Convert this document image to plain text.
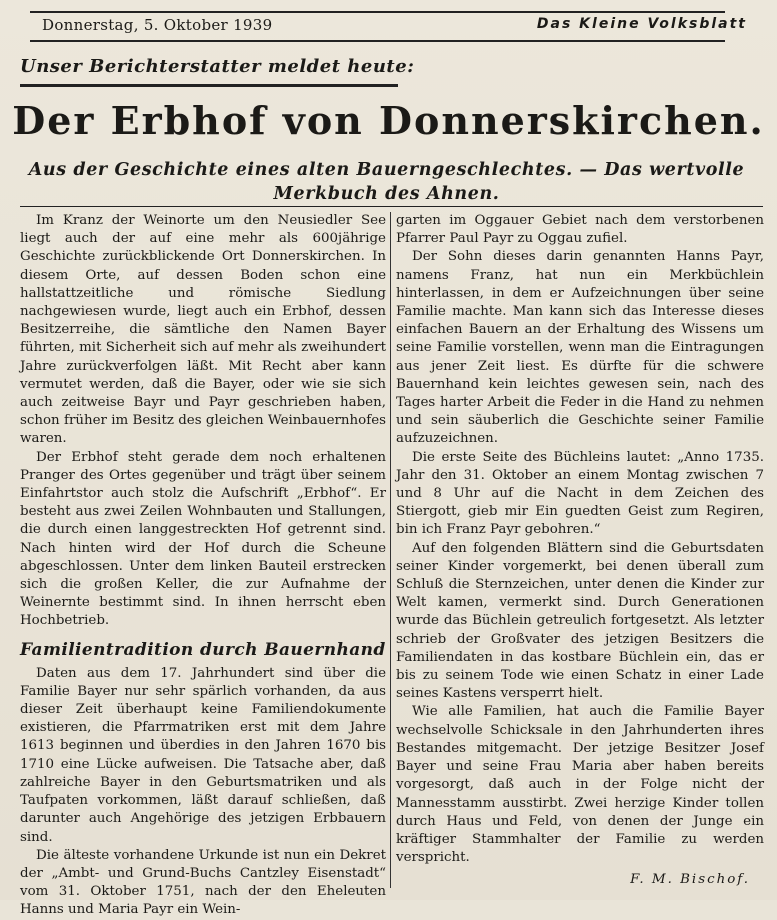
Donnerstag, 5. Oktober 1939	Das Kleine Volksblatt
Unser Berichterstatter meldet heute:
Der Erbhof von Donnerskirchen.
Aus der Geschichte eines alten Bauerngeschlechtes. — Das wertvolle Merkbuch des Ahnen.

Im Kranz der Weinorte um den Neusiedler See liegt auch der auf eine mehr als 600jährige Geschichte zurückblickende Ort Donnerskirchen. In diesem Orte, auf dessen Boden schon eine hallstattzeitliche und römische Siedlung nachgewiesen wurde, liegt auch ein Erbhof, dessen Besitzerreihe, die sämtliche den Namen Bayer führten, mit Sicherheit sich auf mehr als zweihundert Jahre zurückverfolgen läßt. Mit Recht aber kann vermutet werden, daß die Bayer, oder wie sie sich auch zeitweise Bayr und Payr geschrieben haben, schon früher im Besitz des gleichen Weinbauernhofes waren.

Der Erbhof steht gerade dem noch erhaltenen Pranger des Ortes gegenüber und trägt über seinem Einfahrtstor auch stolz die Aufschrift „Erbhof“. Er besteht aus zwei Zeilen Wohnbauten und Stallungen, die durch einen langgestreckten Hof getrennt sind. Nach hinten wird der Hof durch die Scheune abgeschlossen. Unter dem linken Bauteil erstrecken sich die großen Keller, die zur Aufnahme der Weinernte bestimmt sind. In ihnen herrscht eben Hochbetrieb.

Familientradition durch Bauernhand

Daten aus dem 17. Jahrhundert sind über die Familie Bayer nur sehr spärlich vorhanden, da aus dieser Zeit überhaupt keine Familiendokumente existieren, die Pfarrmatriken erst mit dem Jahre 1613 beginnen und überdies in den Jahren 1670 bis 1710 eine Lücke aufweisen. Die Tatsache aber, daß zahlreiche Bayer in den Geburtsmatriken und als Taufpaten vorkommen, läßt darauf schließen, daß darunter auch Angehörige des jetzigen Erbbauern sind.

Die älteste vorhandene Urkunde ist nun ein Dekret der „Ambt- und Grund-Buchs Cantzley Eisenstadt“ vom 31. Oktober 1751, nach der den Eheleuten Hanns und Maria Payr ein Wein-

garten im Oggauer Gebiet nach dem verstorbenen Pfarrer Paul Payr zu Oggau zufiel.

Der Sohn dieses darin genannten Hanns Payr, namens Franz, hat nun ein Merkbüchlein hinterlassen, in dem er Aufzeichnungen über seine Familie machte. Man kann sich das Interesse dieses einfachen Bauern an der Erhaltung des Wissens um seine Familie vorstellen, wenn man die Eintragungen aus jener Zeit liest. Es dürfte für die schwere Bauernhand kein leichtes gewesen sein, nach des Tages harter Arbeit die Feder in die Hand zu nehmen und sein säuberlich die Geschichte seiner Familie aufzuzeichnen.

Die erste Seite des Büchleins lautet: „Anno 1735. Jahr den 31. Oktober an einem Montag zwischen 7 und 8 Uhr auf die Nacht in dem Zeichen des Stiergott, gieb mir Ein guedten Geist zum Regiren, bin ich Franz Payr gebohren.“

Auf den folgenden Blättern sind die Geburtsdaten seiner Kinder vorgemerkt, bei denen überall zum Schluß die Sternzeichen, unter denen die Kinder zur Welt kamen, vermerkt sind. Durch Generationen wurde das Büchlein getreulich fortgesetzt. Als letzter schrieb der Großvater des jetzigen Besitzers die Familiendaten in das kostbare Büchlein ein, das er bis zu seinem Tode wie einen Schatz in einer Lade seines Kastens versperrt hielt.

Wie alle Familien, hat auch die Familie Bayer wechselvolle Schicksale in den Jahrhunderten ihres Bestandes mitgemacht. Der jetzige Besitzer Josef Bayer und seine Frau Maria aber haben bereits vorgesorgt, daß auch in der Folge nicht der Mannesstamm ausstirbt. Zwei herzige Kinder tollen durch Haus und Feld, von denen der Junge ein kräftiger Stammhalter der Familie zu werden verspricht.

F. M. Bischof.
